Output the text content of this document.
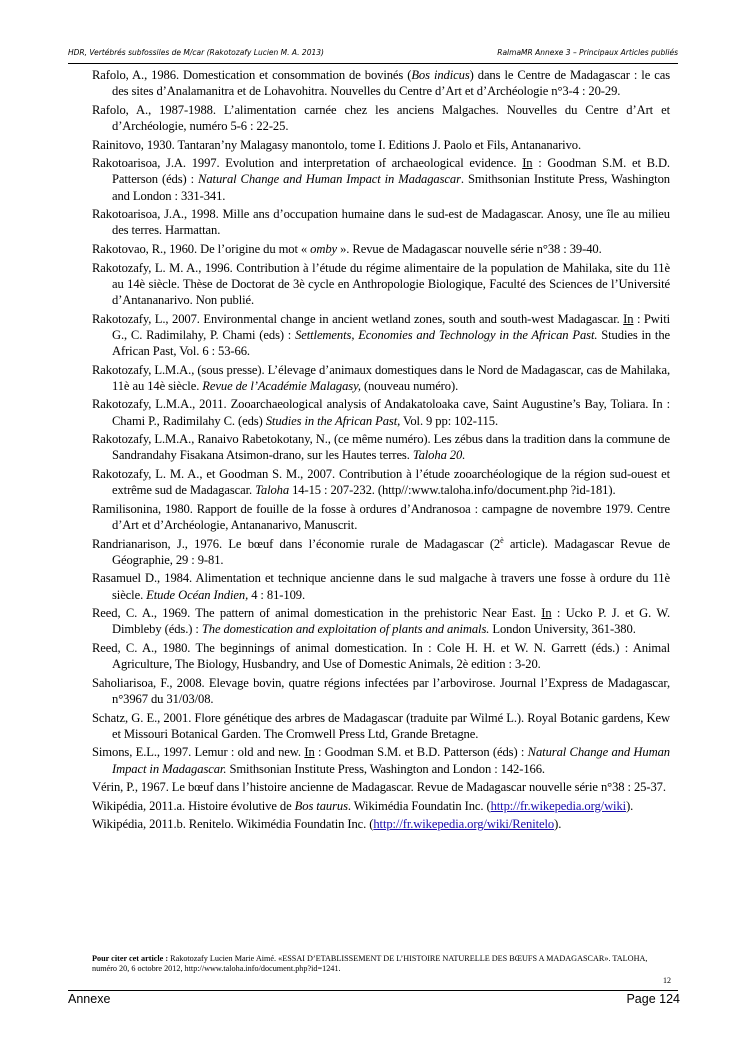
HDR, Vertébrés subfossiles de M/car (Rakotozafy Lucien M. A. 2013)	RalmaMR Annexe 3 – Principaux Articles publiés

Rafolo, A., 1986. Domestication et consommation de bovinés (Bos indicus) dans le Centre de Madagascar : le cas des sites d’Analamanitra et de Lohavohitra. Nouvelles du Centre d’Art et d’Archéologie n°3-4 : 20-29.

Rafolo, A., 1987-1988. L’alimentation carnée chez les anciens Malgaches. Nouvelles du Centre d’Art et d’Archéologie, numéro 5-6 : 22-25.

Rainitovo, 1930. Tantaran’ny Malagasy manontolo, tome I. Editions J. Paolo et Fils, Antananarivo.

Rakotoarisoa, J.A. 1997. Evolution and interpretation of archaeological evidence. In : Goodman S.M. et B.D. Patterson (éds) : Natural Change and Human Impact in Madagascar. Smithsonian Institute Press, Washington and London : 331-341.

Rakotoarisoa, J.A., 1998. Mille ans d’occupation humaine dans le sud-est de Madagascar. Anosy, une île au milieu des terres. Harmattan.

Rakotovao, R., 1960. De l’origine du mot « omby ». Revue de Madagascar nouvelle série n°38 : 39-40.

Rakotozafy, L. M. A., 1996. Contribution à l’étude du régime alimentaire de la population de Mahilaka, site du 11è au 14è siècle. Thèse de Doctorat de 3è cycle en Anthropologie Biologique, Faculté des Sciences de l’Université d’Antananarivo. Non publié.

Rakotozafy, L., 2007. Environmental change in ancient wetland zones, south and south-west Madagascar. In : Pwiti G., C. Radimilahy, P. Chami (eds) : Settlements, Economies and Technology in the African Past. Studies in the African Past, Vol. 6 : 53-66.

Rakotozafy, L.M.A., (sous presse). L’élevage d’animaux domestiques dans le Nord de Madagascar, cas de Mahilaka, 11è au 14è siècle. Revue de l’Académie Malagasy, (nouveau numéro).

Rakotozafy, L.M.A., 2011. Zooarchaeological analysis of Andakatoloaka cave, Saint Augustine’s Bay, Toliara. In : Chami P., Radimilahy C. (eds) Studies in the African Past, Vol. 9 pp: 102-115.

Rakotozafy, L.M.A., Ranaivo Rabetokotany, N., (ce même numéro). Les zébus dans la tradition dans la commune de Sandrandahy Fisakana Atsimon-drano, sur les Hautes terres. Taloha 20.

Rakotozafy, L. M. A., et Goodman S. M., 2007. Contribution à l’étude zooarchéologique de la région sud-ouest et extrême sud de Madagascar. Taloha 14-15 : 207-232. (http//:www.taloha.info/document.php ?id-181).

Ramilisonina, 1980. Rapport de fouille de la fosse à ordures d’Andranosoa : campagne de novembre 1979. Centre d’Art et d’Archéologie, Antananarivo, Manuscrit.

Randrianarison, J., 1976. Le bœuf dans l’économie rurale de Madagascar ($2^è$ article). Madagascar Revue de Géographie, 29 : 9-81.

Rasamuel D., 1984. Alimentation et technique ancienne dans le sud malgache à travers une fosse à ordure du 11è siècle. Etude Océan Indien, 4 : 81-109.

Reed, C. A., 1969. The pattern of animal domestication in the prehistoric Near East. In : Ucko P. J. et G. W. Dimbleby (éds.) : The domestication and exploitation of plants and animals. London University, 361-380.

Reed, C. A., 1980. The beginnings of animal domestication. In : Cole H. H. et W. N. Garrett (éds.) : Animal Agriculture, The Biology, Husbandry, and Use of Domestic Animals, 2è edition : 3-20.

Saholiarisoa, F., 2008. Elevage bovin, quatre régions infectées par l’arbovirose. Journal l’Express de Madagascar, n°3967 du 31/03/08.

Schatz, G. E., 2001. Flore génétique des arbres de Madagascar (traduite par Wilmé L.). Royal Botanic gardens, Kew et Missouri Botanical Garden. The Cromwell Press Ltd, Grande Bretagne.

Simons, E.L., 1997. Lemur : old and new. In : Goodman S.M. et B.D. Patterson (éds) : Natural Change and Human Impact in Madagascar. Smithsonian Institute Press, Washington and London : 142-166.

Vérin, P., 1967. Le bœuf dans l’histoire ancienne de Madagascar. Revue de Madagascar nouvelle série n°38 : 25-37.

Wikipédia, 2011.a. Histoire évolutive de Bos taurus. Wikimédia Foundatin Inc. (http://fr.wikepedia.org/wiki).

Wikipédia, 2011.b. Renitelo. Wikimédia Foundatin Inc. (http://fr.wikepedia.org/wiki/Renitelo).

Pour citer cet article : Rakotozafy Lucien Marie Aimé. «ESSAI D’ETABLISSEMENT DE L’HISTOIRE NATURELLE DES BŒUFS A MADAGASCAR». TALOHA, numéro 20, 6 octobre 2012, http://www.taloha.info/document.php?id=1241.
12
Annexe	Page 124
